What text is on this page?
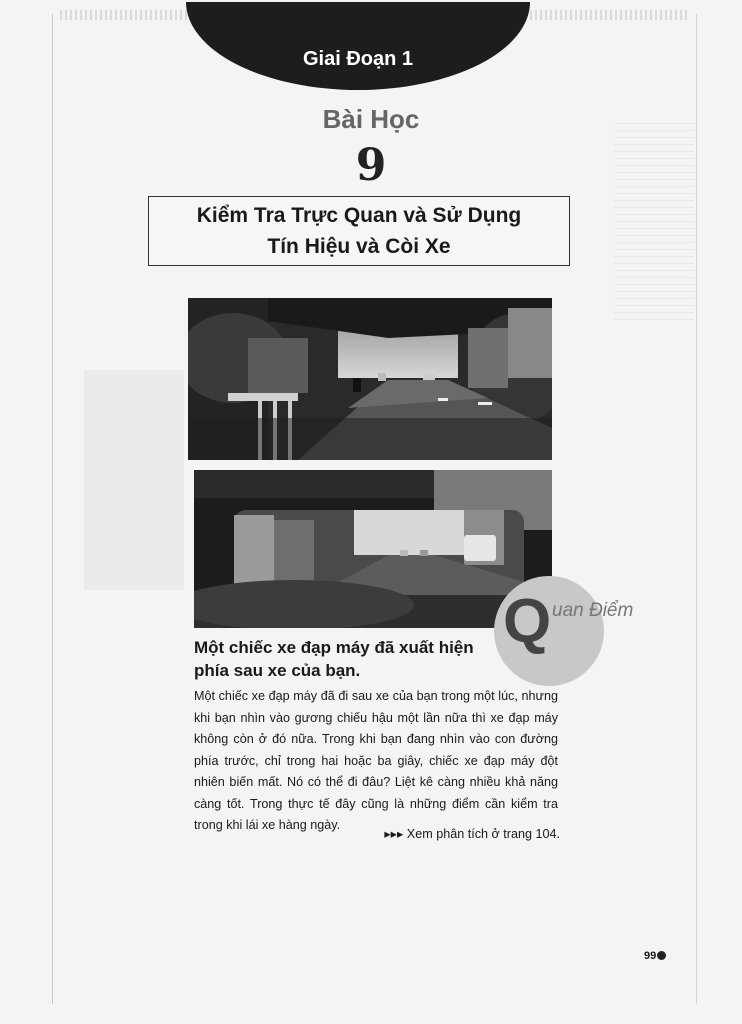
Giai Đoạn 1
Bài Học
9
Kiểm Tra Trực Quan và Sử Dụng
Tín Hiệu và Còi Xe
Q uan Điểm
Một chiếc xe đạp máy đã xuất hiện phía sau xe của bạn.
Một chiếc xe đạp máy đã đi sau xe của bạn trong một lúc, nhưng khi bạn nhìn vào gương chiếu hậu một lần nữa thì xe đạp máy không còn ở đó nữa. Trong khi bạn đang nhìn vào con đường phía trước, chỉ trong hai hoặc ba giây, chiếc xe đạp máy đột nhiên biến mất. Nó có thể đi đâu? Liệt kê càng nhiều khả năng càng tốt. Trong thực tế đây cũng là những điểm cần kiểm tra trong khi lái xe hàng ngày.
▸▸▸ Xem phân tích ở trang 104.
99
